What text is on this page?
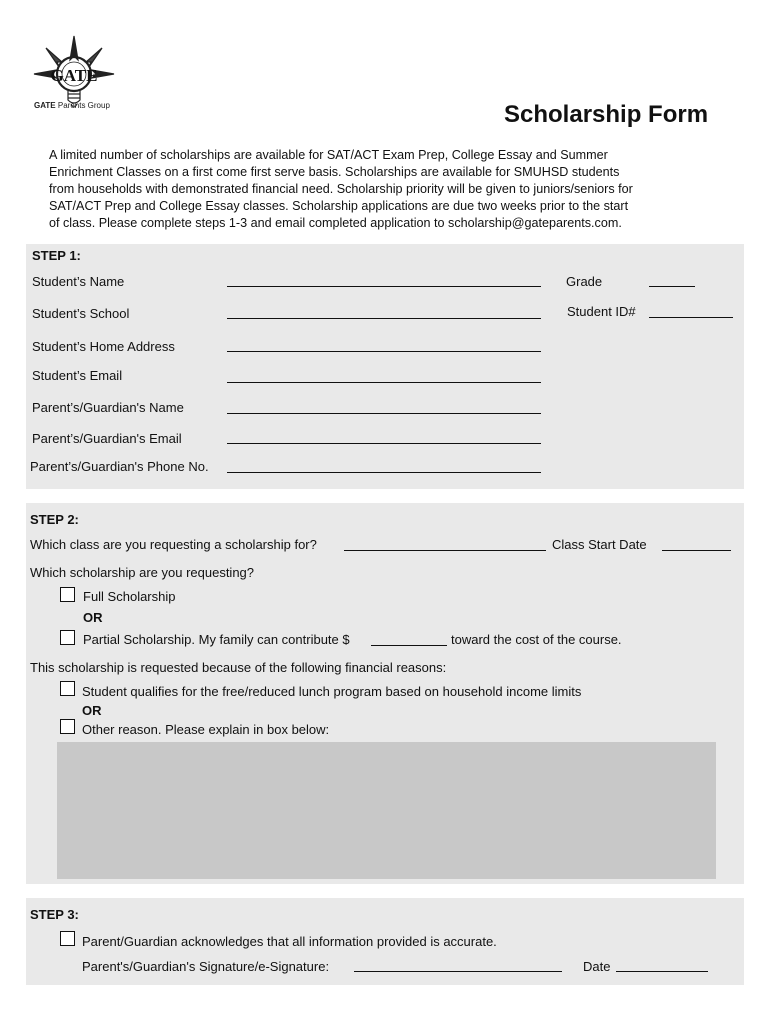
GATE
GATE Parents Group	Scholarship Form
A limited number of scholarships are available for SAT/ACT Exam Prep, College Essay and Summer
Enrichment Classes on a first come first serve basis. Scholarships are available for SMUHSD students
from households with demonstrated financial need. Scholarship priority will be given to juniors/seniors for
SAT/ACT Prep and College Essay classes. Scholarship applications are due two weeks prior to the start
of class. Please complete steps 1-3 and email completed application to scholarship@gateparents.com.
STEP 1:
Student’s Name	Grade
Student’s School	Student ID#
Student’s Home Address
Student’s Email
Parent’s/Guardian's Name
Parent’s/Guardian's Email
Parent’s/Guardian's Phone No.
STEP 2:
Which class are you requesting a scholarship for?	Class Start Date
Which scholarship are you requesting?
Full Scholarship
OR
Partial Scholarship. My family can contribute $	toward the cost of the course.
This scholarship is requested because of the following financial reasons:
Student qualifies for the free/reduced lunch program based on household income limits
OR
Other reason. Please explain in box below:
STEP 3:
Parent/Guardian acknowledges that all information provided is accurate.
Parent's/Guardian's Signature/e-Signature:	Date
